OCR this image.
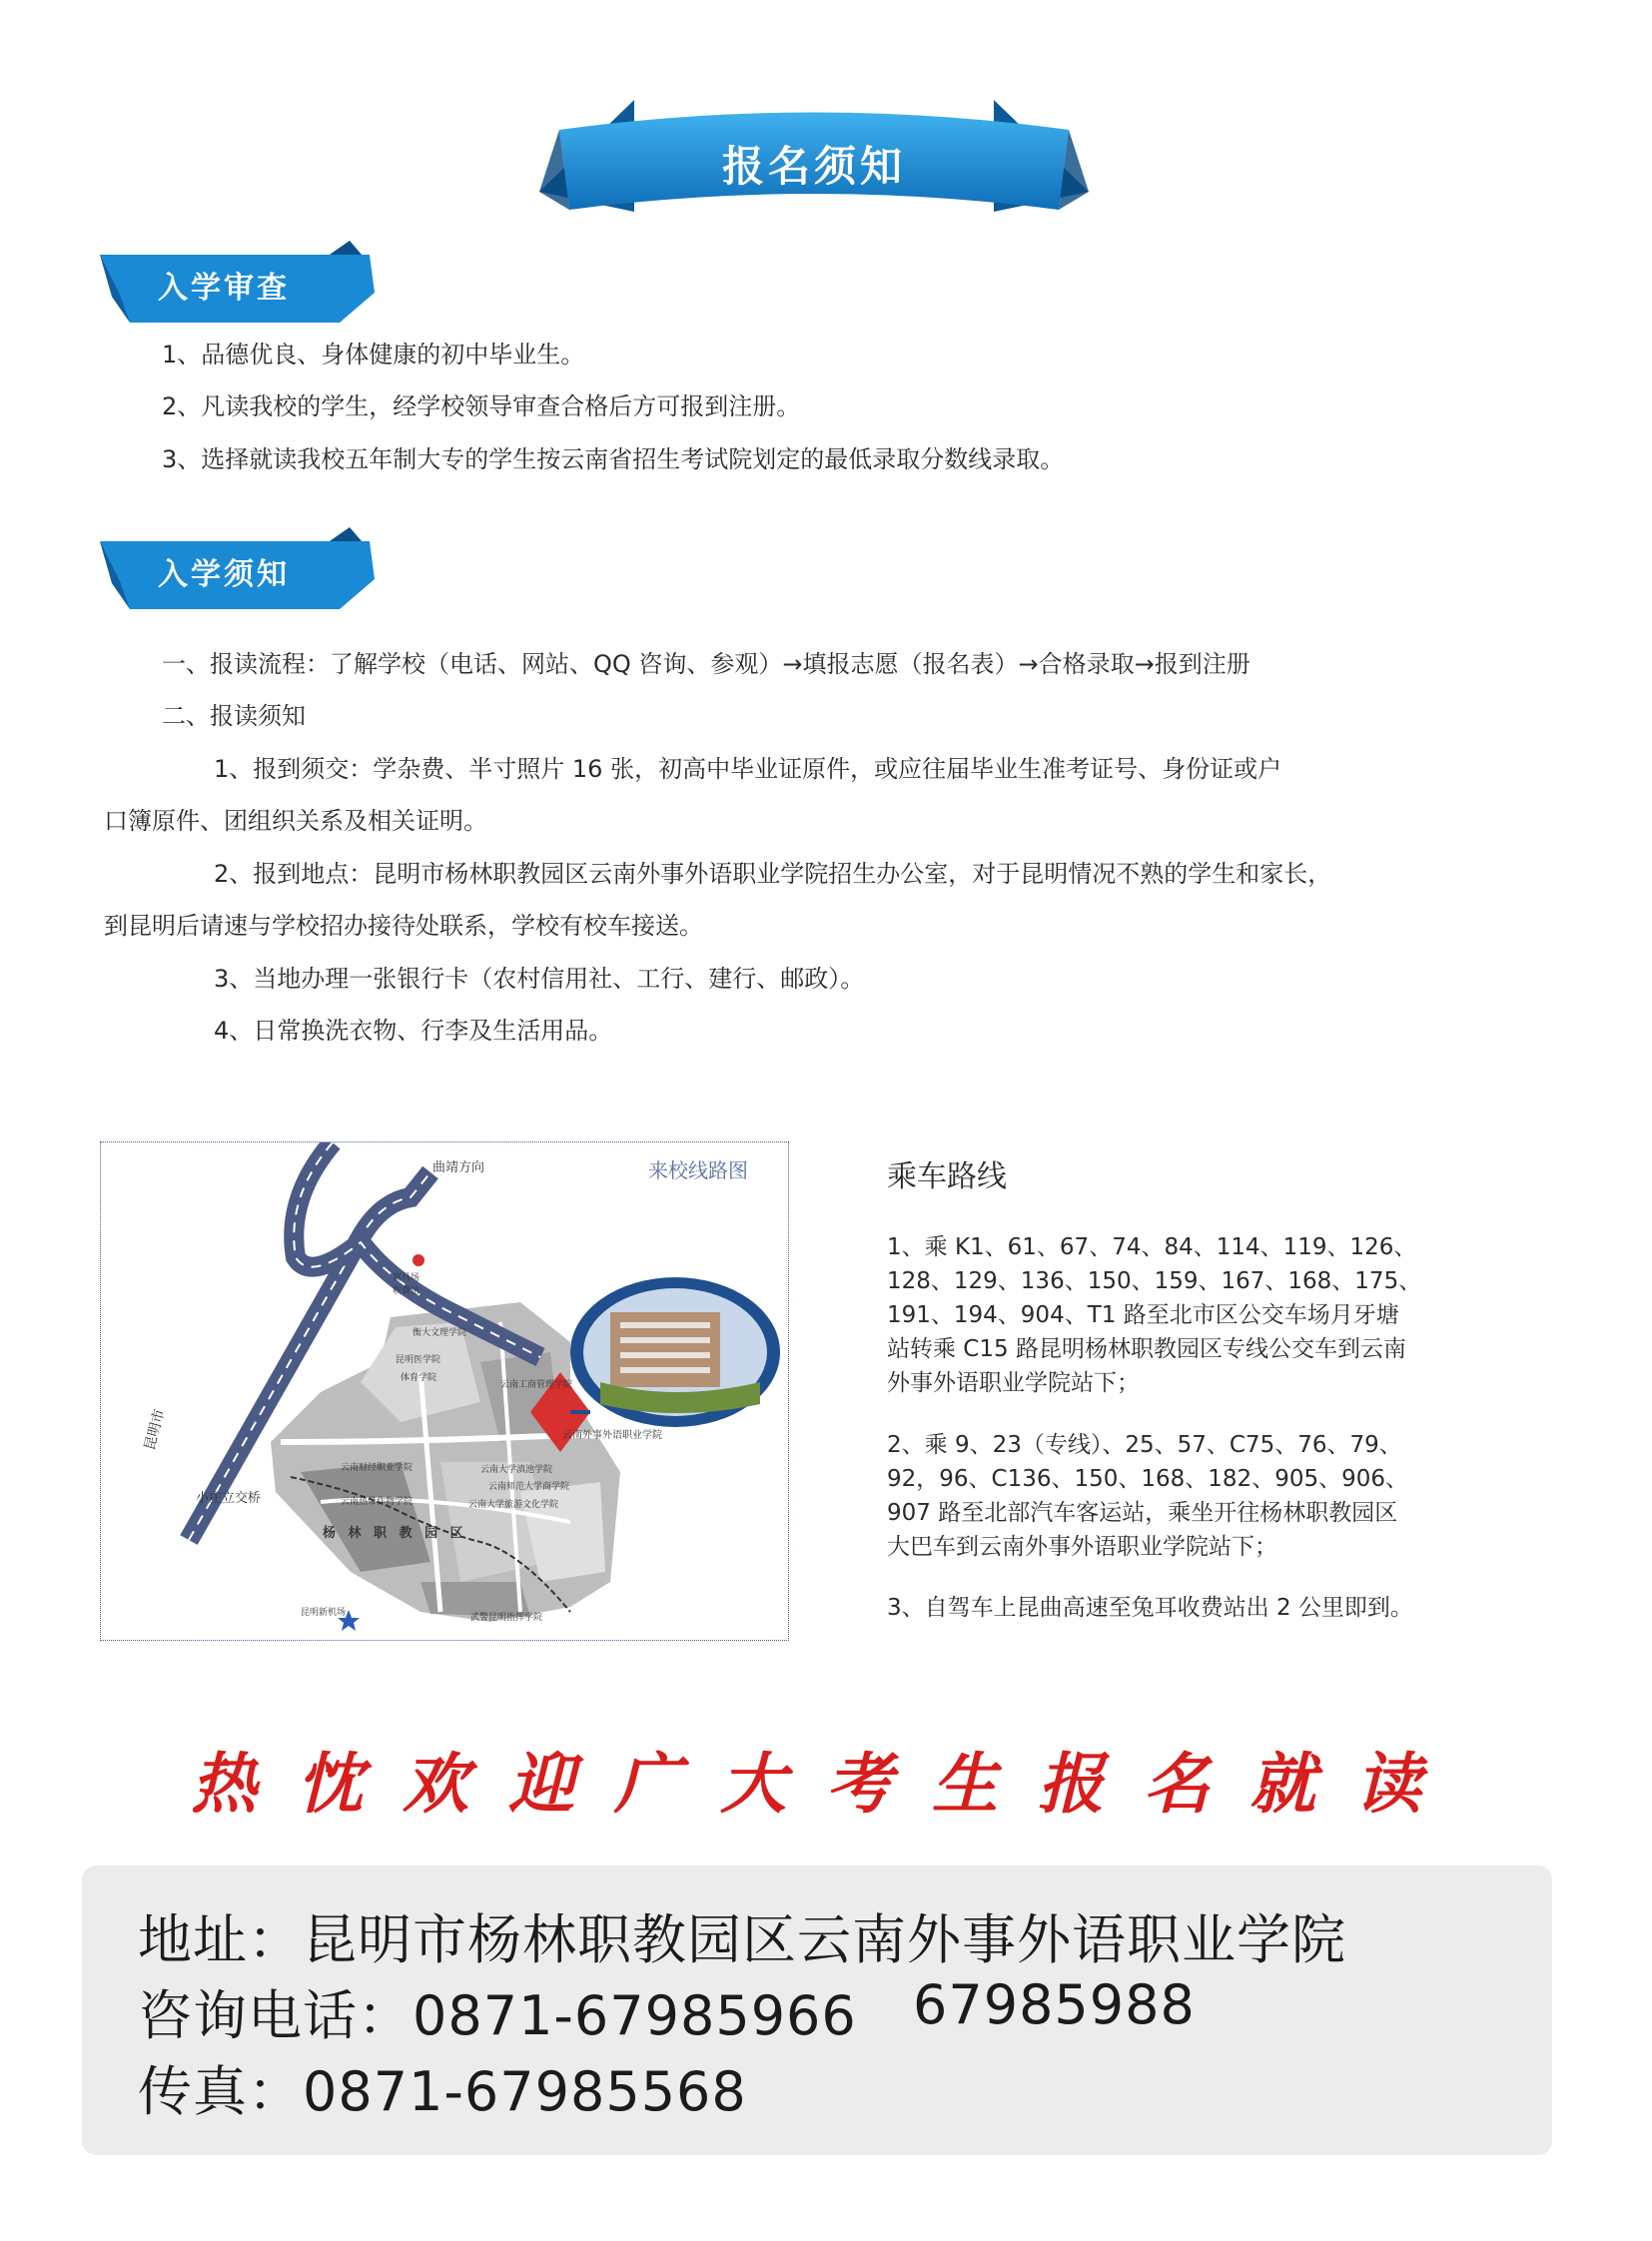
报名须知
入学审查
1、品德优良、身体健康的初中毕业生。
2、凡读我校的学生，经学校领导审查合格后方可报到注册。
3、选择就读我校五年制大专的学生按云南省招生考试院划定的最低录取分数线录取。
入学须知
一、报读流程：了解学校（电话、网站、QQ 咨询、参观）→填报志愿（报名表）→合格录取→报到注册
二、报读须知
1、报到须交：学杂费、半寸照片 16 张，初高中毕业证原件，或应往届毕业生准考证号、身份证或户
口簿原件、团组织关系及相关证明。
2、报到地点：昆明市杨林职教园区云南外事外语职业学院招生办公室，对于昆明情况不熟的学生和家长，
到昆明后请速与学校招办接待处联系，学校有校车接送。
3、当地办理一张银行卡（农村信用社、工行、建行、邮政）。
4、日常换洗衣物、行李及生活用品。
来校线路图
曲靖方向
昆明市
小庄立交桥
昆·曲·高·速
嵩马场收费站
云南外事外语职业学院
杨 林 职 教 园 区
昆明新机场
衡大文理学院
昆明医学院
体育学院
云南工商管理学院
云南财经职业学院	云南大学滇池学院
云南师范大学商学院
云南热带作物学院	云南大学旅游文化学院
武警昆明指挥学院
乘车路线
1、乘 K1、61、67、74、84、114、119、126、
128、129、136、150、159、167、168、175、
191、194、904、T1 路至北市区公交车场月牙塘
站转乘 C15 路昆明杨林职教园区专线公交车到云南
外事外语职业学院站下；
2、乘 9、23（专线）、25、57、C75、76、79、
92，96、C136、150、168、182、905、906、
907 路至北部汽车客运站，乘坐开往杨林职教园区
大巴车到云南外事外语职业学院站下；
3、自驾车上昆曲高速至兔耳收费站出 2 公里即到。
热忱欢迎广大考生报名就读
地址：昆明市杨林职教园区云南外事外语职业学院
咨询电话：0871-67985966 67985988
传真：0871-67985568
